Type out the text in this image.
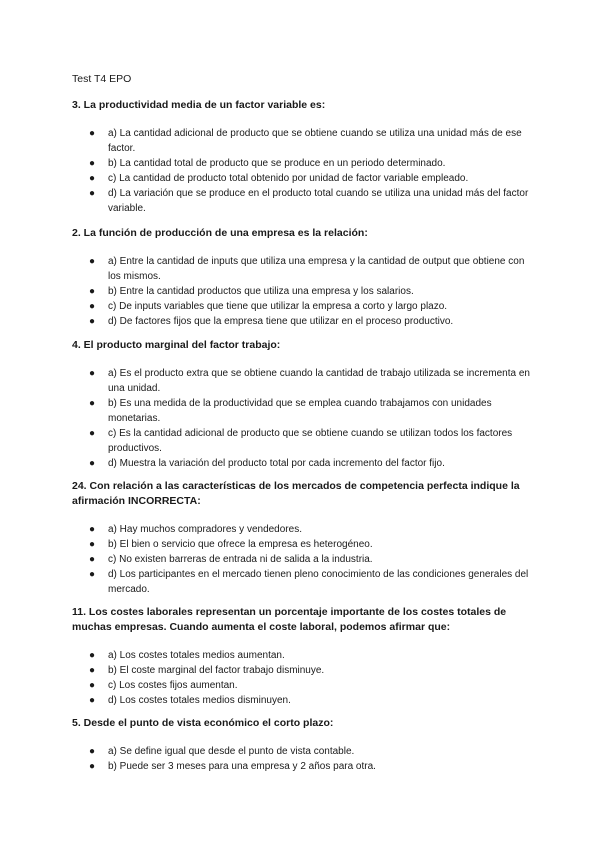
Test T4 EPO

3. La productividad media de un factor variable es:

● a) La cantidad adicional de producto que se obtiene cuando se utiliza una unidad más de ese factor.
● b) La cantidad total de producto que se produce en un periodo determinado.
● c) La cantidad de producto total obtenido por unidad de factor variable empleado.
● d) La variación que se produce en el producto total cuando se utiliza una unidad más del factor variable.

2. La función de producción de una empresa es la relación:

● a) Entre la cantidad de inputs que utiliza una empresa y la cantidad de output que obtiene con los mismos.
● b) Entre la cantidad productos que utiliza una empresa y los salarios.
● c) De inputs variables que tiene que utilizar la empresa a corto y largo plazo.
● d) De factores fijos que la empresa tiene que utilizar en el proceso productivo.

4. El producto marginal del factor trabajo:

● a) Es el producto extra que se obtiene cuando la cantidad de trabajo utilizada se incrementa en una unidad.
● b) Es una medida de la productividad que se emplea cuando trabajamos con unidades monetarias.
● c) Es la cantidad adicional de producto que se obtiene cuando se utilizan todos los factores productivos.
● d) Muestra la variación del producto total por cada incremento del factor fijo.

24. Con relación a las características de los mercados de competencia perfecta indique la afirmación INCORRECTA:

● a) Hay muchos compradores y vendedores.
● b) El bien o servicio que ofrece la empresa es heterogéneo.
● c) No existen barreras de entrada ni de salida a la industria.
● d) Los participantes en el mercado tienen pleno conocimiento de las condiciones generales del mercado.

11. Los costes laborales representan un porcentaje importante de los costes totales de muchas empresas. Cuando aumenta el coste laboral, podemos afirmar que:

● a) Los costes totales medios aumentan.
● b) El coste marginal del factor trabajo disminuye.
● c) Los costes fijos aumentan.
● d) Los costes totales medios disminuyen.

5. Desde el punto de vista económico el corto plazo:

● a) Se define igual que desde el punto de vista contable.
● b) Puede ser 3 meses para una empresa y 2 años para otra.
